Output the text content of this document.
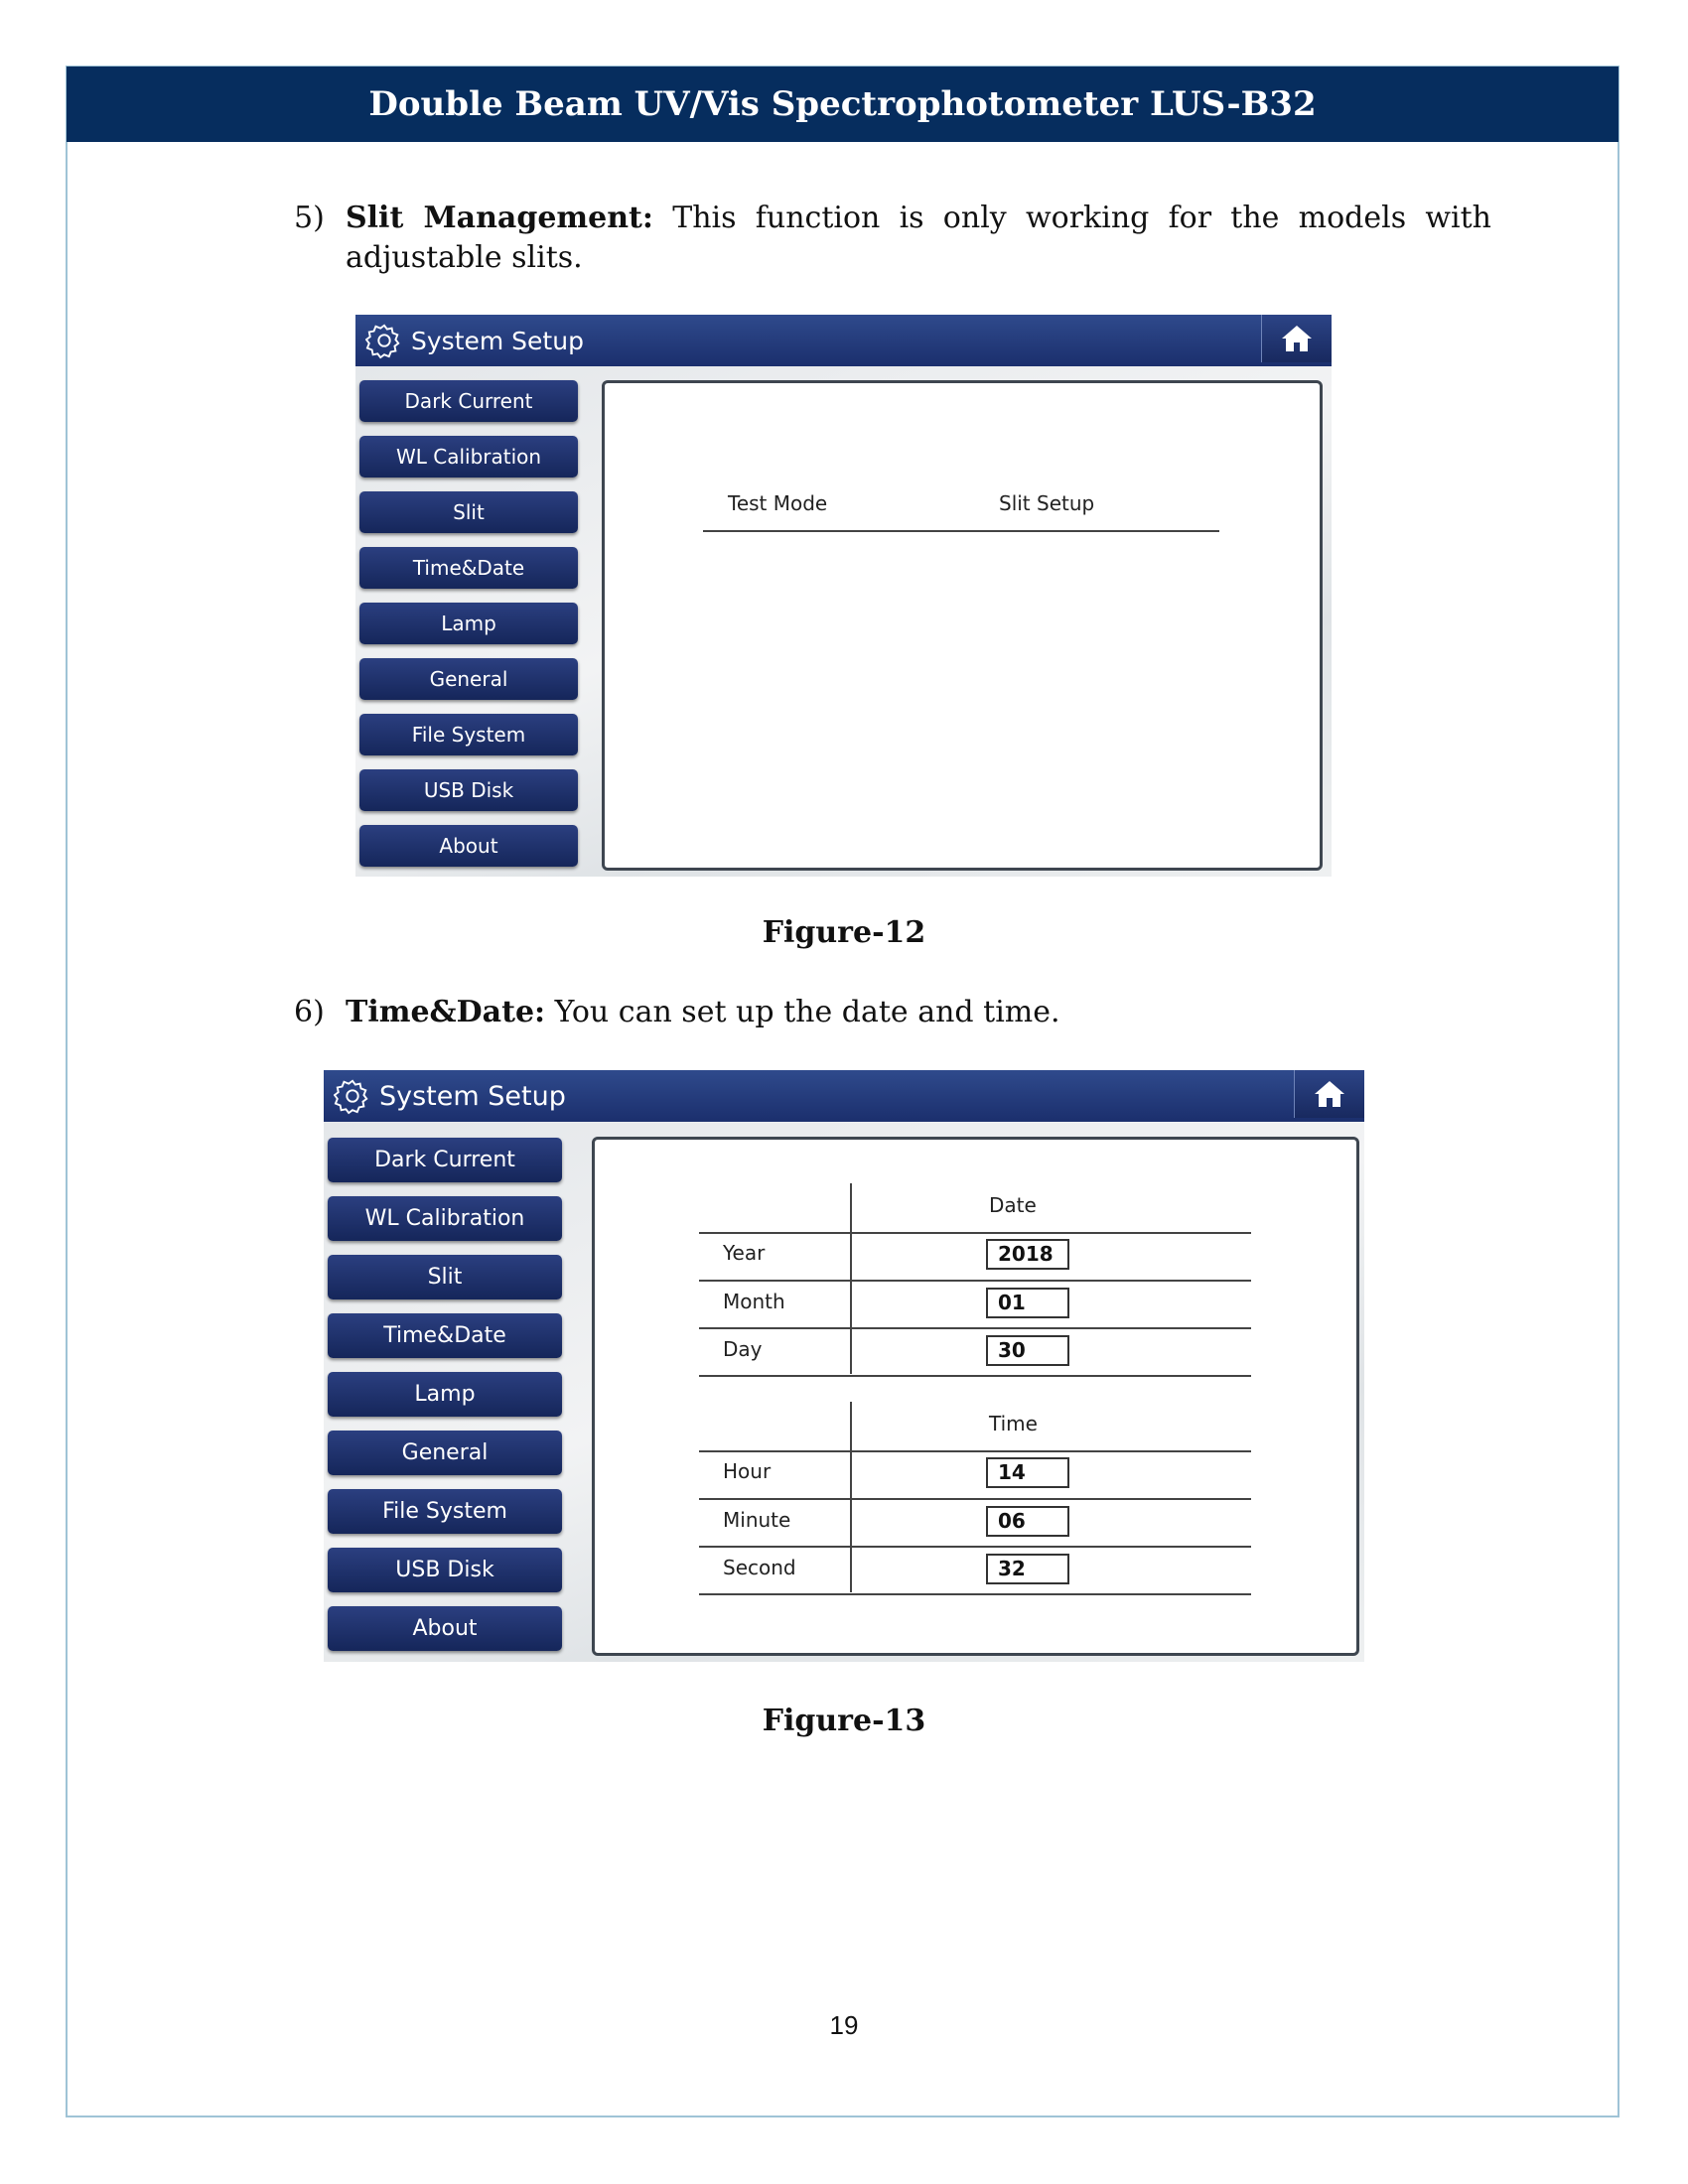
Double Beam UV/Vis Spectrophotometer LUS-B32
5) Slit Management: This function is only working for the models with adjustable slits.
System Setup
Dark Current
WL Calibration
Slit
Time&Date
Lamp
General
File System
USB Disk
About
Test Mode	Slit Setup
Figure-12
6) Time&Date: You can set up the date and time.
System Setup
Dark Current
WL Calibration
Slit
Time&Date
Lamp
General
File System
USB Disk
About
Date
Year	2018
Month	01
Day	30
Time
Hour	14
Minute	06
Second	32
Figure-13
19
